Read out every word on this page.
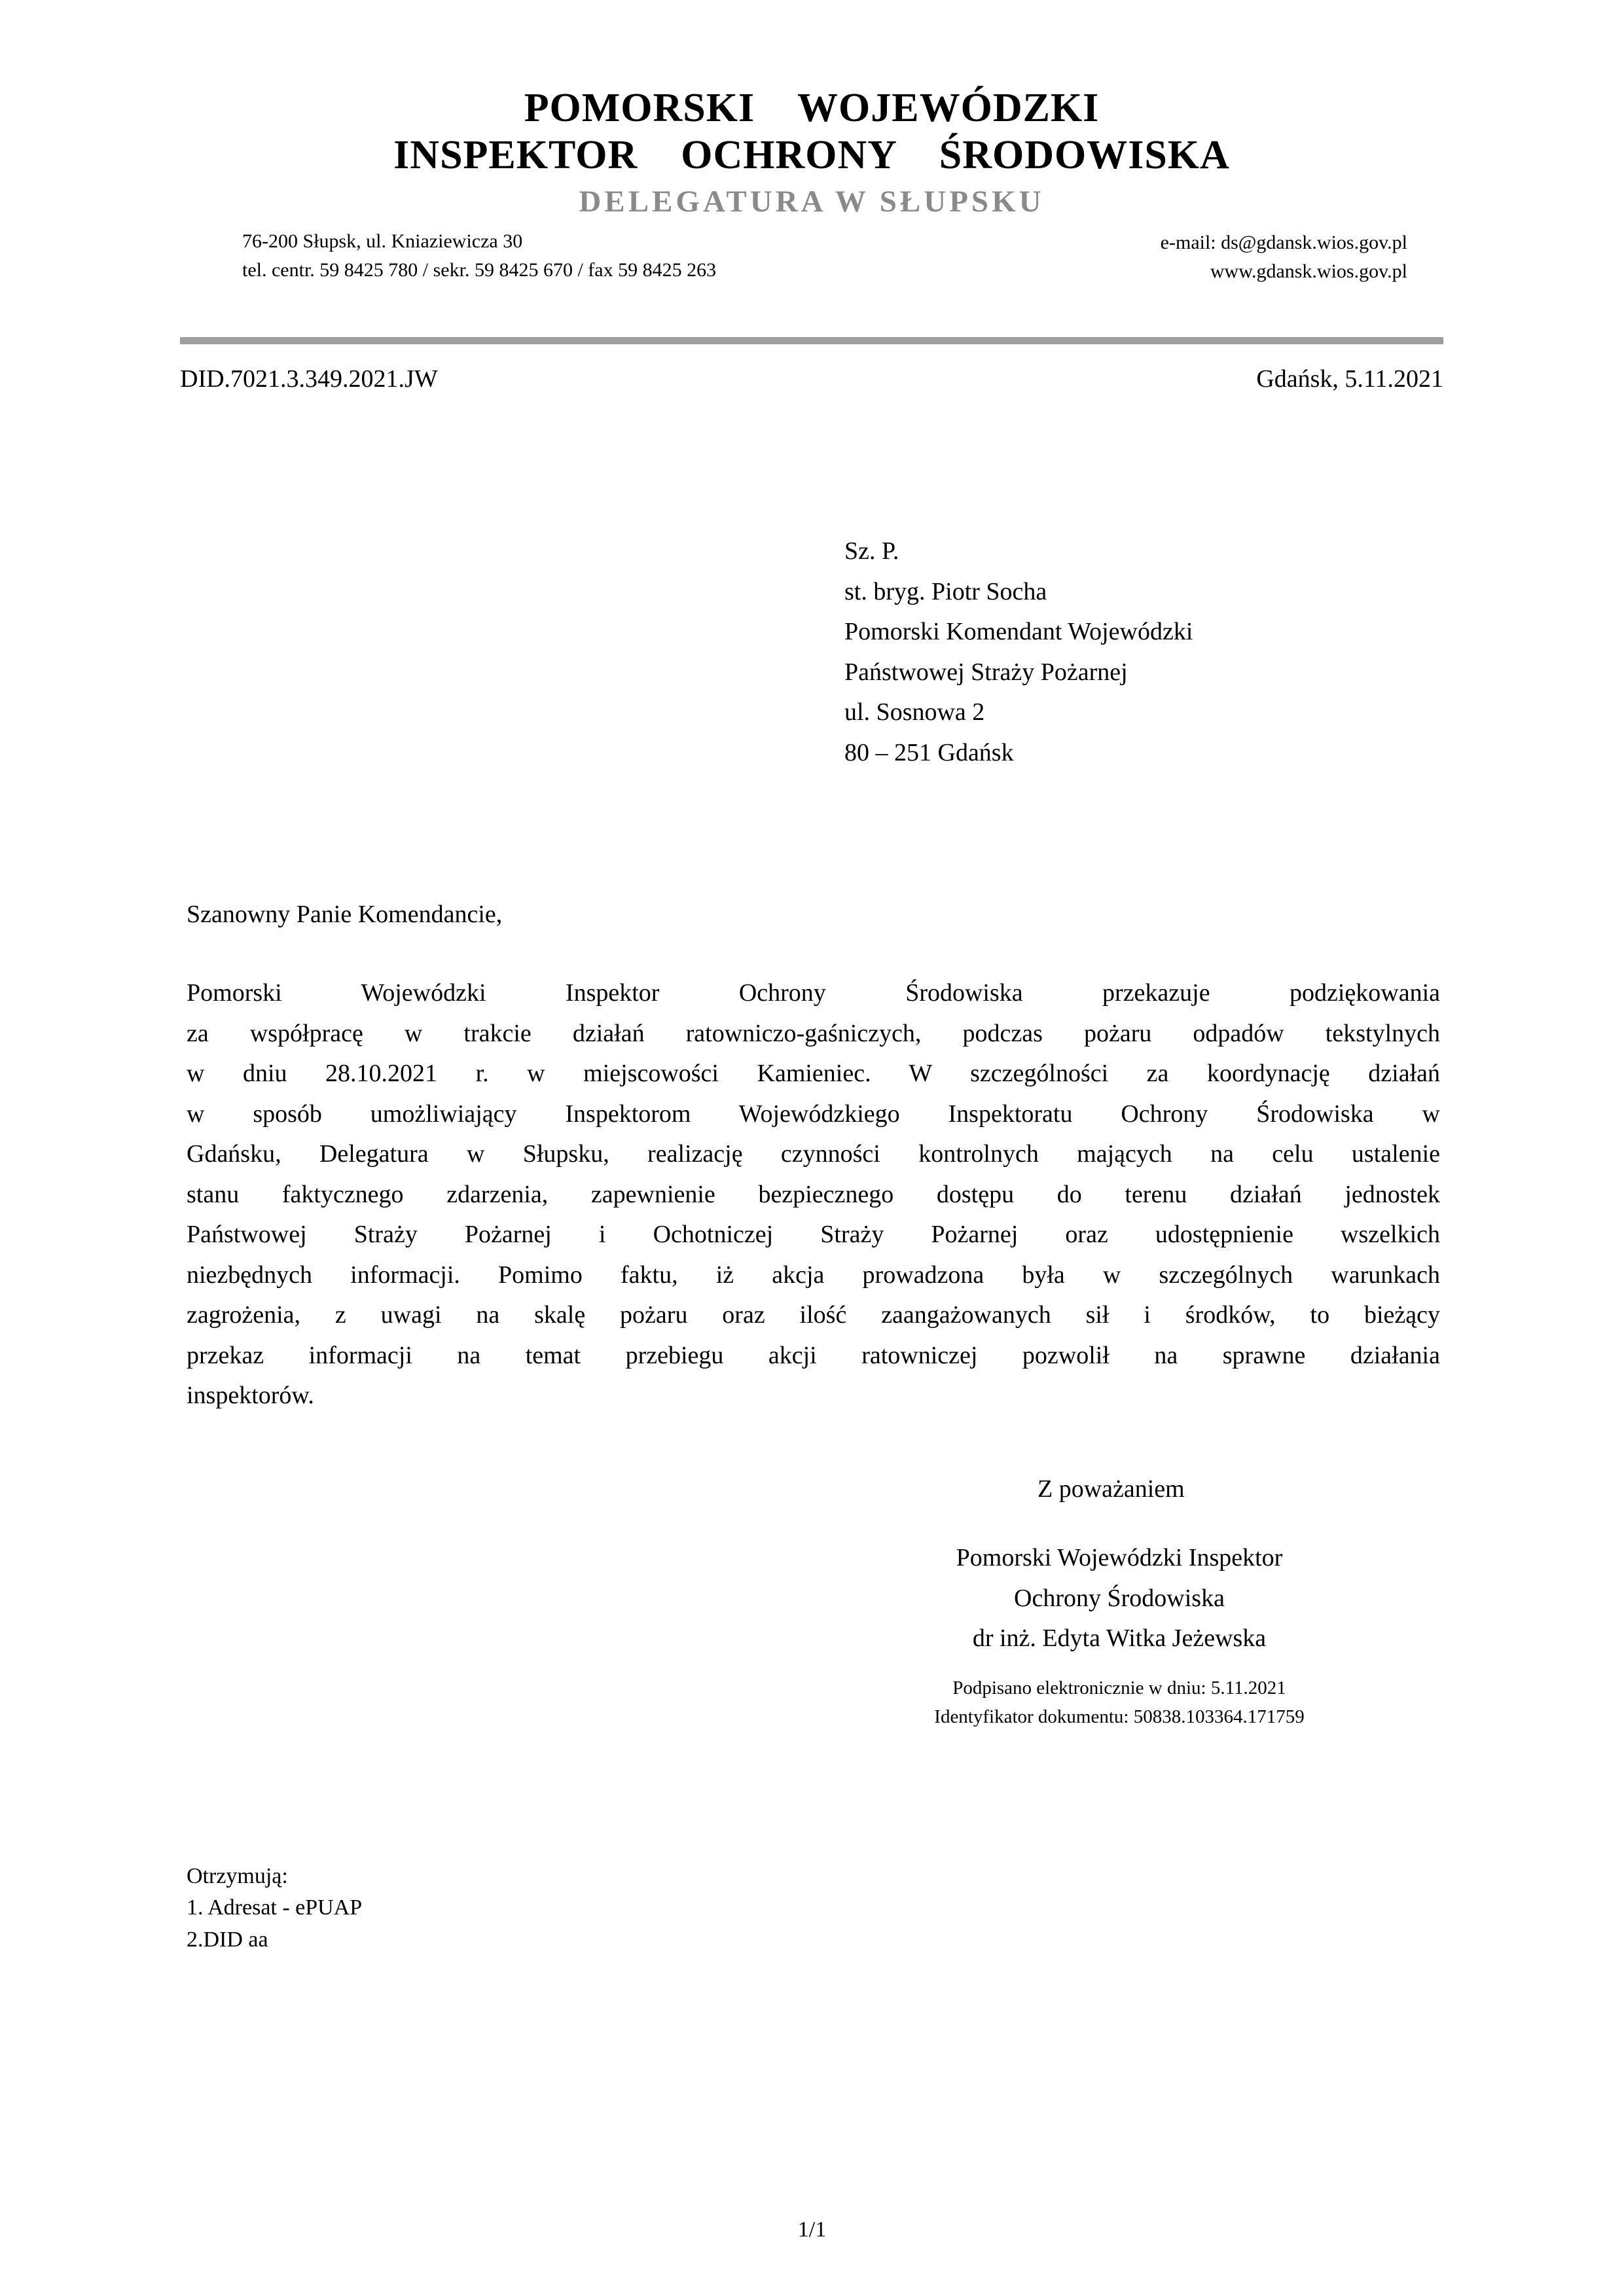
POMORSKI    WOJEWÓDZKI
INSPEKTOR    OCHRONY    ŚRODOWISKA
DELEGATURA W SŁUPSKU
76-200 Słupsk, ul. Kniaziewicza 30
tel. centr. 59 8425 780 / sekr. 59 8425 670 / fax 59 8425 263
e-mail: ds@gdansk.wios.gov.pl
www.gdansk.wios.gov.pl
DID.7021.3.349.2021.JW	Gdańsk, 5.11.2021
Sz. P.
st. bryg. Piotr Socha
Pomorski Komendant Wojewódzki
Państwowej Straży Pożarnej
ul. Sosnowa 2
80 – 251 Gdańsk
Szanowny Panie Komendancie,
Pomorski Wojewódzki Inspektor Ochrony Środowiska przekazuje podziękowania
za współpracę w trakcie działań ratowniczo-gaśniczych, podczas pożaru odpadów tekstylnych
w dniu 28.10.2021 r. w miejscowości Kamieniec. W szczególności za koordynację działań
w sposób umożliwiający Inspektorom Wojewódzkiego Inspektoratu Ochrony Środowiska w
Gdańsku, Delegatura w Słupsku, realizację czynności kontrolnych mających na celu ustalenie
stanu faktycznego zdarzenia, zapewnienie bezpiecznego dostępu do terenu działań jednostek
Państwowej Straży Pożarnej i Ochotniczej Straży Pożarnej oraz udostępnienie wszelkich
niezbędnych informacji. Pomimo faktu, iż akcja prowadzona była w szczególnych warunkach
zagrożenia, z uwagi na skalę pożaru oraz ilość zaangażowanych sił i środków, to bieżący
przekaz informacji na temat przebiegu akcji ratowniczej pozwolił na sprawne działania
inspektorów.
Z poważaniem
Pomorski Wojewódzki Inspektor
Ochrony Środowiska
dr inż. Edyta Witka Jeżewska
Podpisano elektronicznie w dniu: 5.11.2021
Identyfikator dokumentu: 50838.103364.171759
Otrzymują:
1. Adresat - ePUAP
2.DID aa
1/1
